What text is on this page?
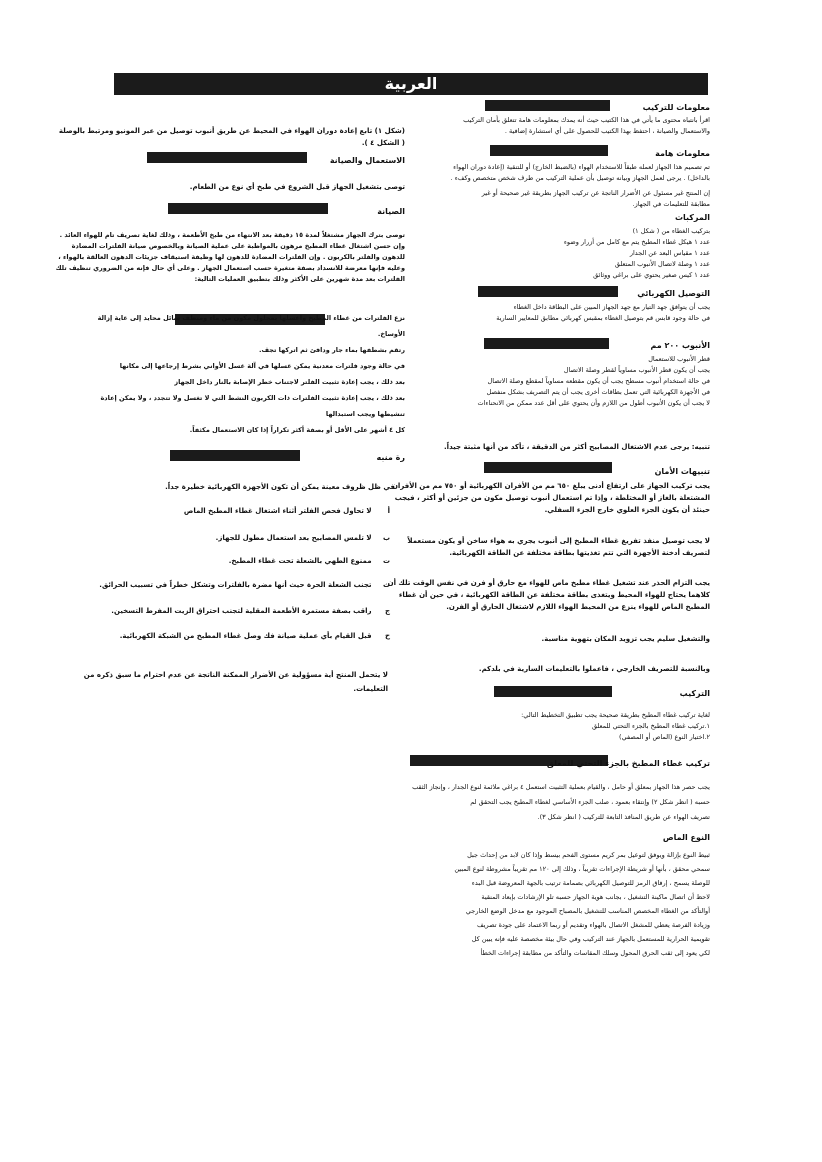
العربية
معلومات للتركيب
اقرأ بانتباه محتوى ما يأتي في هذا الكتيب حيث أنه يمدك بمعلومات هامة تتعلق بأمان التركيب
والاستعمال والصيانة ، احتفظ بهذا الكتيب للحصول على أي استشارة إضافية .
معلومات هامة
تم تصميم هذا الجهاز لعمله طبقاً للاستخدام الهواء (بالضبط الخارج) أو للتنقية (إعادة دوران الهواء
بالداخل) . يرجى لعمل الجهاز وبيانه توصيل بأن عملية التركيب من طرف شخص متخصص وكفء .
إن المنتج غير مسئول عن الأضرار الناتجة عن تركيب الجهاز بطريقة غير صحيحة أو غير
مطابقة للتعليمات في الجهاز.
المركبات
بتركيب الغطاء من ( شكل ١)
عدد ١ هيكل غطاء المطبخ يتم مع كامل من أزرار وضوء
عدد ١ مقياس البعد عن الجدار
عدد ١ وصلة لاتصال الأنبوب المتعلق
عدد ١ كيس صغير يحتوي على براغي ووثائق
التوصيل الكهربائي
يجب أن يتوافق جهد التيار مع جهد الجهاز المبين على البطاقة داخل الغطاء
في حالة وجود قابس قم بتوصيل الغطاء بمقبس كهربائي مطابق للمعايير السارية
الأنبوب ٢٠٠ مم
قطر الأنبوب للاستعمال
يجب أن يكون قطر الأنبوب مساوياً لقطر وصلة الاتصال
في حالة استخدام أنبوب مسطح يجب أن يكون مقطعه مساوياً لمقطع وصلة الاتصال
في الأجهزة الكهربائية التي تعمل بطاقات أخرى يجب أن يتم التصريف بشكل منفصل
لا يجب أن يكون الأنبوب أطول من اللازم وأن يحتوي على أقل عدد ممكن من الانحناءات
تنبيه: يرجى عدم الاشتغال المصابيح أكثر من الدقيقة ، تأكد من أنها مثبتة جيداً.
تنبيهات الأمان
يجب تركيب الجهاز على ارتفاع أدنى يبلغ ٦٥٠ مم من الأفران الكهربائية أو ٧٥٠ مم من الأفران
المشتعلة بالغاز أو المختلطة ، وإذا تم استعمال أنبوب توصيل مكون من جزئين أو أكثر ، فيجب
حينئذ أن يكون الجزء العلوي خارج الجزء السفلي.
لا يجب توصيل منفذ تفريغ غطاء المطبخ إلى أنبوب يجري به هواء ساخن أو يكون مستعملاً
لتصريف أدخنة الأجهزة التي تتم تغذيتها بطاقة مختلفة عن الطاقة الكهربائية.
يجب التزام الحذر عند تشغيل غطاء مطبخ ماص للهواء مع حارق أو فرن في نفس الوقت تلك أن
كلاهما يحتاج للهواء المحيط ويتغذى بطاقة مختلفة عن الطاقة الكهربائية ، في حين أن غطاء
المطبخ الماص للهواء ينزع من المحيط الهواء اللازم لاشتغال الحارق أو الفرن.
والتشغيل سليم يجب تزويد المكان بتهوية مناسبة.
وبالنسبة للتصريف الخارجي ، فاعملوا بالتعليمات السارية في بلدكم.
التركيب
لغاية تركيب غطاء المطبخ بطريقة صحيحة يجب تطبيق التخطيط التالي:
١.تركيب غطاء المطبخ بالجزء التحتي للمعلق
٢.اختيار النوع (الماص أو المصفي)
تركيب غطاء المطبخ بالجزء التحتي للمعلق
يجب حصر هذا الجهاز بمعلق أو حامل ، والقيام بعملية التثبيت استعمل ٤ براغي ملائمة لنوع الجدار ، وإنجاز الثقب
حسبه ( انظر شكل ٢) وإنتقاء بعمود ، صلب الجزء الأساسي لغطاء المطبخ يجب التحقق لم
تصريف الهواء عن طريق المنافذ التابعة للتركيب ( انظر شكل ٣).
النوع الماص
ثبيط النوع بإزالة ويوفق لتوعيل بمر كريم مستوى الفحم بيسط وإذا كان لابد من إحداث جبل
سمحي محقق ، بأنها أو شريطة الإجراءات تقريباً ، وذلك إلى ١٢٠ مم تقريباً مشروطة لنوع المبين
للوصلة يسمح ، إرفاق الرمز للتوصيل الكهربائي بصمامة ترتيب بالجهة المعروضة قبل البدء
لاحظ أن اتصال ماكينة التشغيل ، بجانب هوية الجهاز حسبه تلو الإرشادات بإبعاد المنقية
أوالتأكد من الغطاء المخصص المناسب للتشغيل بالمصباح الموجود مع مدخل الوضع الخارجي
وزيادة الفرصة يعطي للمشغل الاتصال بالهواء وتقديم أو ربما الاعتماد على جودة تصريف
تقويمية الحرارية للمستعمل بالجهاز عند التركيب وفي حال بيئة مخصصة عليه فإنه يبين كل
لكي يعود إلى ثقب الحرق المحول وسلك المقاسات والتأكد من مطابقة إجراءات الخطأ
(شكل ١) تابع إعادة دوران الهواء في المحيط عن طريق أنبوب توصيل من عبر المونيو ومرتبط بالوصلة
( الشكل ٤ ).
الاستعمال والصيانة
توصى بتشغيل الجهاز قبل الشروع في طبخ أي نوع من الطعام.
الصيانة
توصى بترك الجهاز مشتغلاً لمدة ١٥ دقيقة بعد الانتهاء من طبخ الأطعمة ، وذلك لغاية تصريف تام للهواء العائد .
وإن حسن اشتغال غطاء المطبخ مرهون بالمواظبة على عملية الصيانة وبالخصوص صيانة الفلترات المضادة
للدهون والفلتر بالكربون . وإن الفلترات المضادة للدهون لها وظيفة استيقاف جزيئات الدهون العالقة بالهواء ،
وعليه فإنها معرضة للانسداد بصفة متغيرة حسب استعمال الجهاز . وعلى أي حال فإنه من الضروري تنظيف تلك
الفلترات بعد مدة شهرين على الأكثر وذلك بتطبيق العمليات التالية:
نزع الفلترات من غطاء المطبخ واغسلها بمحلول مكون من ماء ومنظف سائل محايد إلى غاية إزالة
الأوساخ.
رتقم بشطفها بماء جار ودافئ ثم اتركها تجف.
في حالة وجود فلترات معدنية يمكن غسلها في آلة غسل الأواني بشرط إرجاعها إلى مكانها
بعد ذلك ، يجب إعادة تثبيت الفلتر لاجتناب خطر الإصابة بالنار داخل الجهاز
بعد ذلك ، يجب إعادة تثبيت الفلترات ذات الكربون النشط التي لا تغسل ولا تتجدد ، ولا يمكن إعادة
تنشيطها ويجب استبدالها
كل ٤ أشهر على الأقل أو بصفة أكثر تكراراً إذا كان الاستعمال مكثفاً.
رة منبه
في ظل ظروف معينة يمكن أن تكون الأجهزة الكهربائية خطيرة جداً.
أ لا تحاول فحص الفلتر أثناء اشتغال غطاء المطبخ الماص
ب لا تلمس المصابيح بعد استعمال مطول للجهاز.
ت ممنوع الطهي بالشعلة تحت غطاء المطبخ.
ث تجنب الشعلة الحرة حيث أنها مضرة بالفلترات وتشكل خطراً في تسبيب الحرائق.
ج راقب بصفة مستمرة الأطعمة المقلية لتجنب احتراق الزيت المفرط التسخين.
ح قبل القيام بأي عملية صيانة فك وصل غطاء المطبخ من الشبكة الكهربائية.
لا يتحمل المنتج أية مسؤولية عن الأضرار الممكنة الناتجة عن عدم احترام ما سبق ذكره من
التعليمات.
